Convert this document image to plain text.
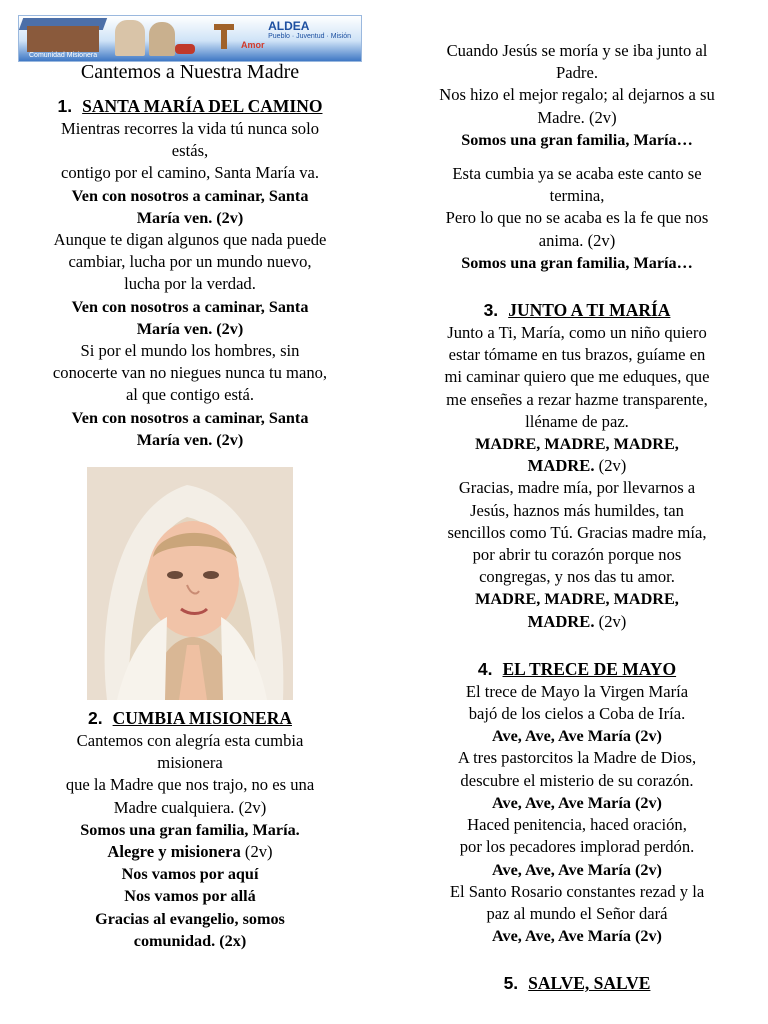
Amor
ALDEA
Pueblo · Juventud · Misión
Comunidad Misionera
Cantemos a Nuestra Madre
1. SANTA MARÍA DEL CAMINO
Mientras recorres la vida tú nunca solo
estás,
contigo por el camino, Santa María va.
Ven con nosotros a caminar, Santa
María ven. (2v)
Aunque te digan algunos que nada puede
cambiar, lucha por un mundo nuevo,
lucha por la verdad.
Ven con nosotros a caminar, Santa
María ven. (2v)
Si por el mundo los hombres, sin
conocerte van no niegues nunca tu mano,
al que contigo está.
Ven con nosotros a caminar, Santa
María ven. (2v)
2. CUMBIA MISIONERA
Cantemos con alegría esta cumbia
misionera
que la Madre que nos trajo, no es una
Madre cualquiera. (2v)
Somos una gran familia, María.
Alegre y misionera (2v)
Nos vamos por aquí
Nos vamos por allá
Gracias al evangelio, somos
comunidad. (2x)
Cuando Jesús se moría y se iba junto al
Padre.
Nos hizo el mejor regalo; al dejarnos a su
Madre. (2v)
Somos una gran familia, María…
Esta cumbia ya se acaba este canto se
termina,
Pero lo que no se acaba es la fe que nos
anima. (2v)
Somos una gran familia, María…
3. JUNTO A TI MARÍA
Junto a Ti, María, como un niño quiero
estar tómame en tus brazos, guíame en
mi caminar quiero que me eduques, que
me enseñes a rezar hazme transparente,
lléname de paz.
MADRE, MADRE, MADRE,
MADRE. (2v)
Gracias, madre mía, por llevarnos a
Jesús, haznos más humildes, tan
sencillos como Tú. Gracias madre mía,
por abrir tu corazón porque nos
congregas, y nos das tu amor.
MADRE, MADRE, MADRE,
MADRE. (2v)
4. EL TRECE DE MAYO
El trece de Mayo la Virgen María
bajó de los cielos a Coba de Iría.
Ave, Ave, Ave María (2v)
A tres pastorcitos la Madre de Dios,
descubre el misterio de su corazón.
Ave, Ave, Ave María (2v)
Haced penitencia, haced oración,
por los pecadores implorad perdón.
Ave, Ave, Ave María (2v)
El Santo Rosario constantes rezad y la
paz al mundo el Señor dará
Ave, Ave, Ave María (2v)
5. SALVE, SALVE
